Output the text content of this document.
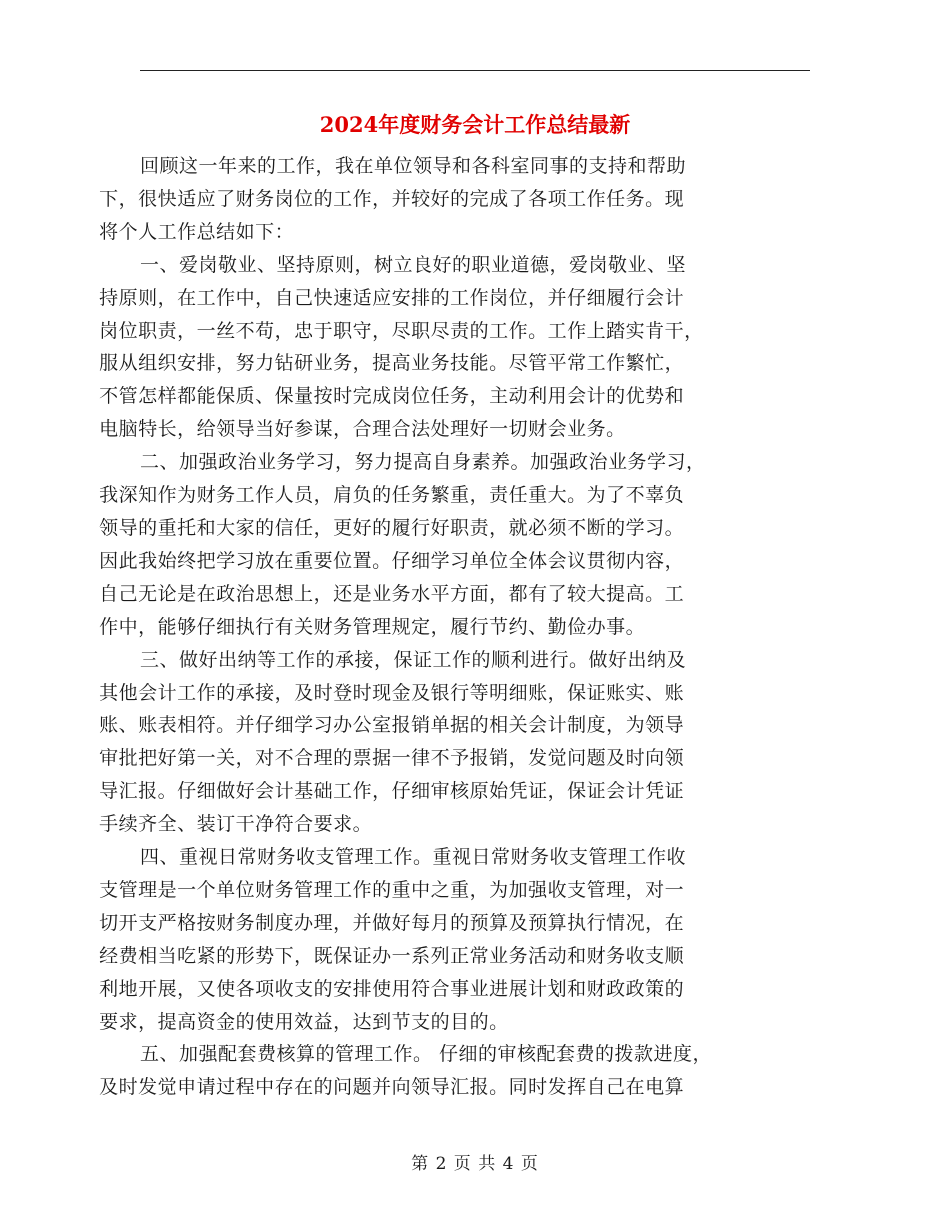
2024年度财务会计工作总结最新

回顾这一年来的工作，我在单位领导和各科室同事的支持和帮助
下，很快适应了财务岗位的工作，并较好的完成了各项工作任务。现
将个人工作总结如下：

一、爱岗敬业、坚持原则，树立良好的职业道德，爱岗敬业、坚
持原则，在工作中，自己快速适应安排的工作岗位，并仔细履行会计
岗位职责，一丝不苟，忠于职守，尽职尽责的工作。工作上踏实肯干，
服从组织安排，努力钻研业务，提高业务技能。尽管平常工作繁忙，
不管怎样都能保质、保量按时完成岗位任务，主动利用会计的优势和
电脑特长，给领导当好参谋，合理合法处理好一切财会业务。

二、加强政治业务学习，努力提高自身素养。加强政治业务学习，
我深知作为财务工作人员，肩负的任务繁重，责任重大。为了不辜负
领导的重托和大家的信任，更好的履行好职责，就必须不断的学习。
因此我始终把学习放在重要位置。仔细学习单位全体会议贯彻内容，
自己无论是在政治思想上，还是业务水平方面，都有了较大提高。工
作中，能够仔细执行有关财务管理规定，履行节约、勤俭办事。

三、做好出纳等工作的承接，保证工作的顺利进行。做好出纳及
其他会计工作的承接，及时登时现金及银行等明细账，保证账实、账
账、账表相符。并仔细学习办公室报销单据的相关会计制度，为领导
审批把好第一关，对不合理的票据一律不予报销，发觉问题及时向领
导汇报。仔细做好会计基础工作，仔细审核原始凭证，保证会计凭证
手续齐全、装订干净符合要求。

四、重视日常财务收支管理工作。重视日常财务收支管理工作收
支管理是一个单位财务管理工作的重中之重，为加强收支管理，对一
切开支严格按财务制度办理，并做好每月的预算及预算执行情况，在
经费相当吃紧的形势下，既保证办一系列正常业务活动和财务收支顺
利地开展，又使各项收支的安排使用符合事业进展计划和财政政策的
要求，提高资金的使用效益，达到节支的目的。

五、加强配套费核算的管理工作。 仔细的审核配套费的拨款进度，
及时发觉申请过程中存在的问题并向领导汇报。同时发挥自己在电算

第 2 页 共 4 页
